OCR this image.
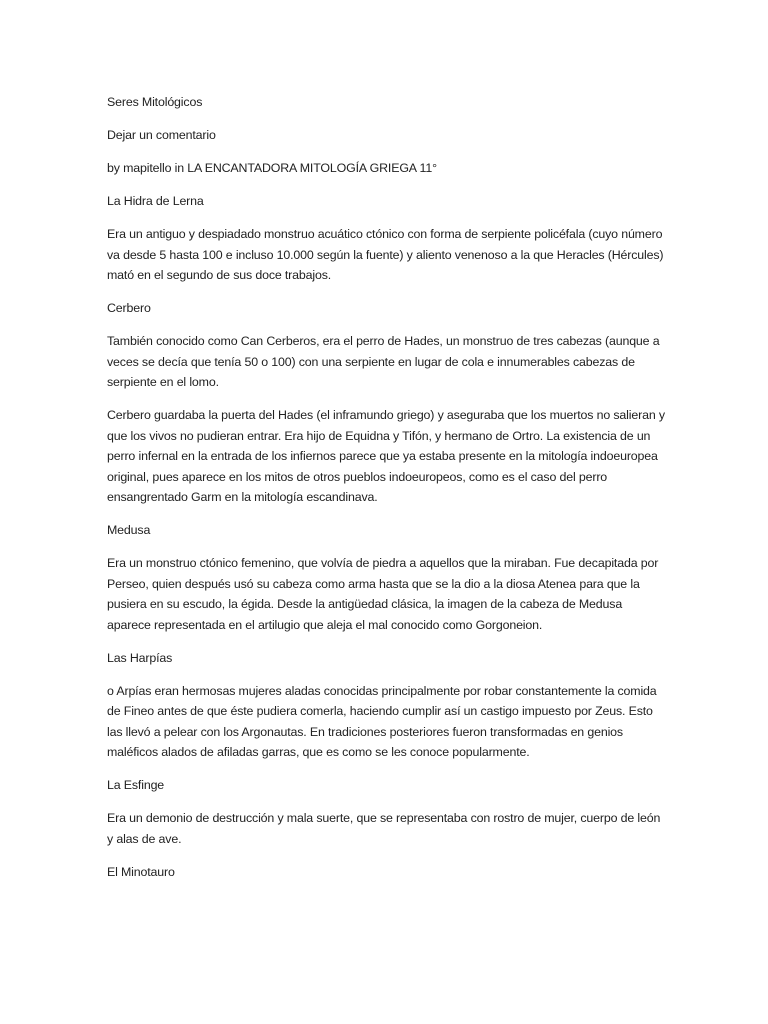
Seres Mitológicos

Dejar un comentario

by mapitello in LA ENCANTADORA MITOLOGÍA GRIEGA 11°

La Hidra de Lerna

Era un antiguo y despiadado monstruo acuático ctónico con forma de serpiente policéfala (cuyo número va desde 5 hasta 100 e incluso 10.000 según la fuente) y aliento venenoso a la que Heracles (Hércules) mató en el segundo de sus doce trabajos.

Cerbero

También conocido como Can Cerberos, era el perro de Hades, un monstruo de tres cabezas (aunque a veces se decía que tenía 50 o 100) con una serpiente en lugar de cola e innumerables cabezas de serpiente en el lomo.

Cerbero guardaba la puerta del Hades (el inframundo griego) y aseguraba que los muertos no salieran y que los vivos no pudieran entrar. Era hijo de Equidna y Tifón, y hermano de Ortro. La existencia de un perro infernal en la entrada de los infiernos parece que ya estaba presente en la mitología indoeuropea original, pues aparece en los mitos de otros pueblos indoeuropeos, como es el caso del perro ensangrentado Garm en la mitología escandinava.

Medusa

Era un monstruo ctónico femenino, que volvía de piedra a aquellos que la miraban. Fue decapitada por Perseo, quien después usó su cabeza como arma hasta que se la dio a la diosa Atenea para que la pusiera en su escudo, la égida. Desde la antigüedad clásica, la imagen de la cabeza de Medusa aparece representada en el artilugio que aleja el mal conocido como Gorgoneion.

Las Harpías

o Arpías eran hermosas mujeres aladas conocidas principalmente por robar constantemente la comida de Fineo antes de que éste pudiera comerla, haciendo cumplir así un castigo impuesto por Zeus. Esto las llevó a pelear con los Argonautas. En tradiciones posteriores fueron transformadas en genios maléficos alados de afiladas garras, que es como se les conoce popularmente.

La Esfinge

Era un demonio de destrucción y mala suerte, que se representaba con rostro de mujer, cuerpo de león y alas de ave.

El Minotauro
